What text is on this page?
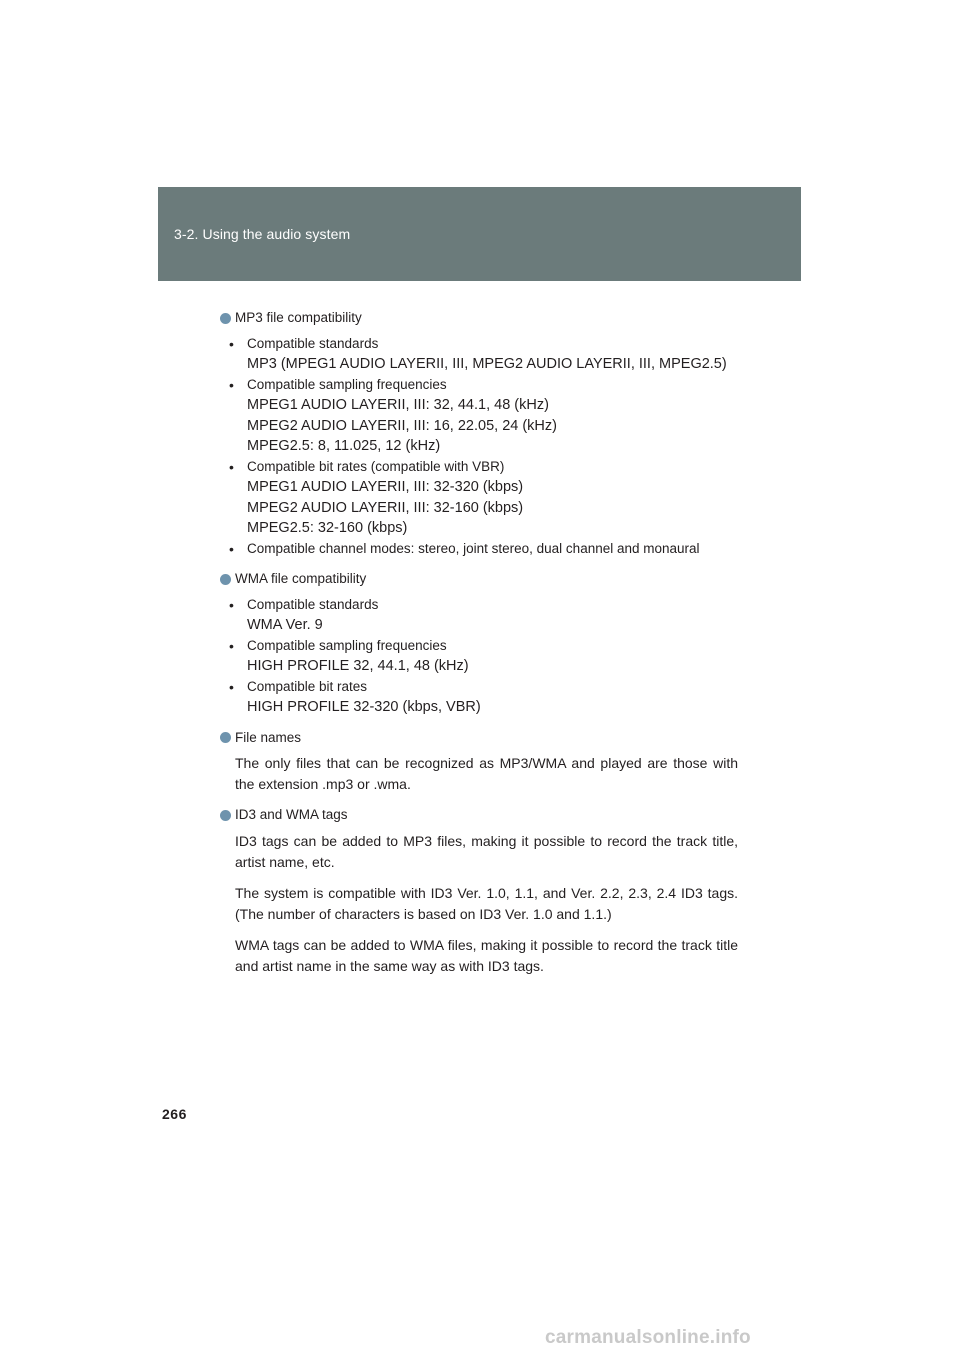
3-2. Using the audio system
MP3 file compatibility
• Compatible standards
MP3 (MPEG1 AUDIO LAYERII, III, MPEG2 AUDIO LAYERII, III, MPEG2.5)
• Compatible sampling frequencies
MPEG1 AUDIO LAYERII, III: 32, 44.1, 48 (kHz)
MPEG2 AUDIO LAYERII, III: 16, 22.05, 24 (kHz)
MPEG2.5: 8, 11.025, 12 (kHz)
• Compatible bit rates (compatible with VBR)
MPEG1 AUDIO LAYERII, III: 32-320 (kbps)
MPEG2 AUDIO LAYERII, III: 32-160 (kbps)
MPEG2.5: 32-160 (kbps)
• Compatible channel modes: stereo, joint stereo, dual channel and monaural
WMA file compatibility
• Compatible standards
WMA Ver. 9
• Compatible sampling frequencies
HIGH PROFILE 32, 44.1, 48 (kHz)
• Compatible bit rates
HIGH PROFILE 32-320 (kbps, VBR)
File names

The only files that can be recognized as MP3/WMA and played are those with the extension .mp3 or .wma.

ID3 and WMA tags

ID3 tags can be added to MP3 files, making it possible to record the track title, artist name, etc.

The system is compatible with ID3 Ver. 1.0, 1.1, and Ver. 2.2, 2.3, 2.4 ID3 tags. (The number of characters is based on ID3 Ver. 1.0 and 1.1.)

WMA tags can be added to WMA files, making it possible to record the track title and artist name in the same way as with ID3 tags.

266
carmanualsonline.info
